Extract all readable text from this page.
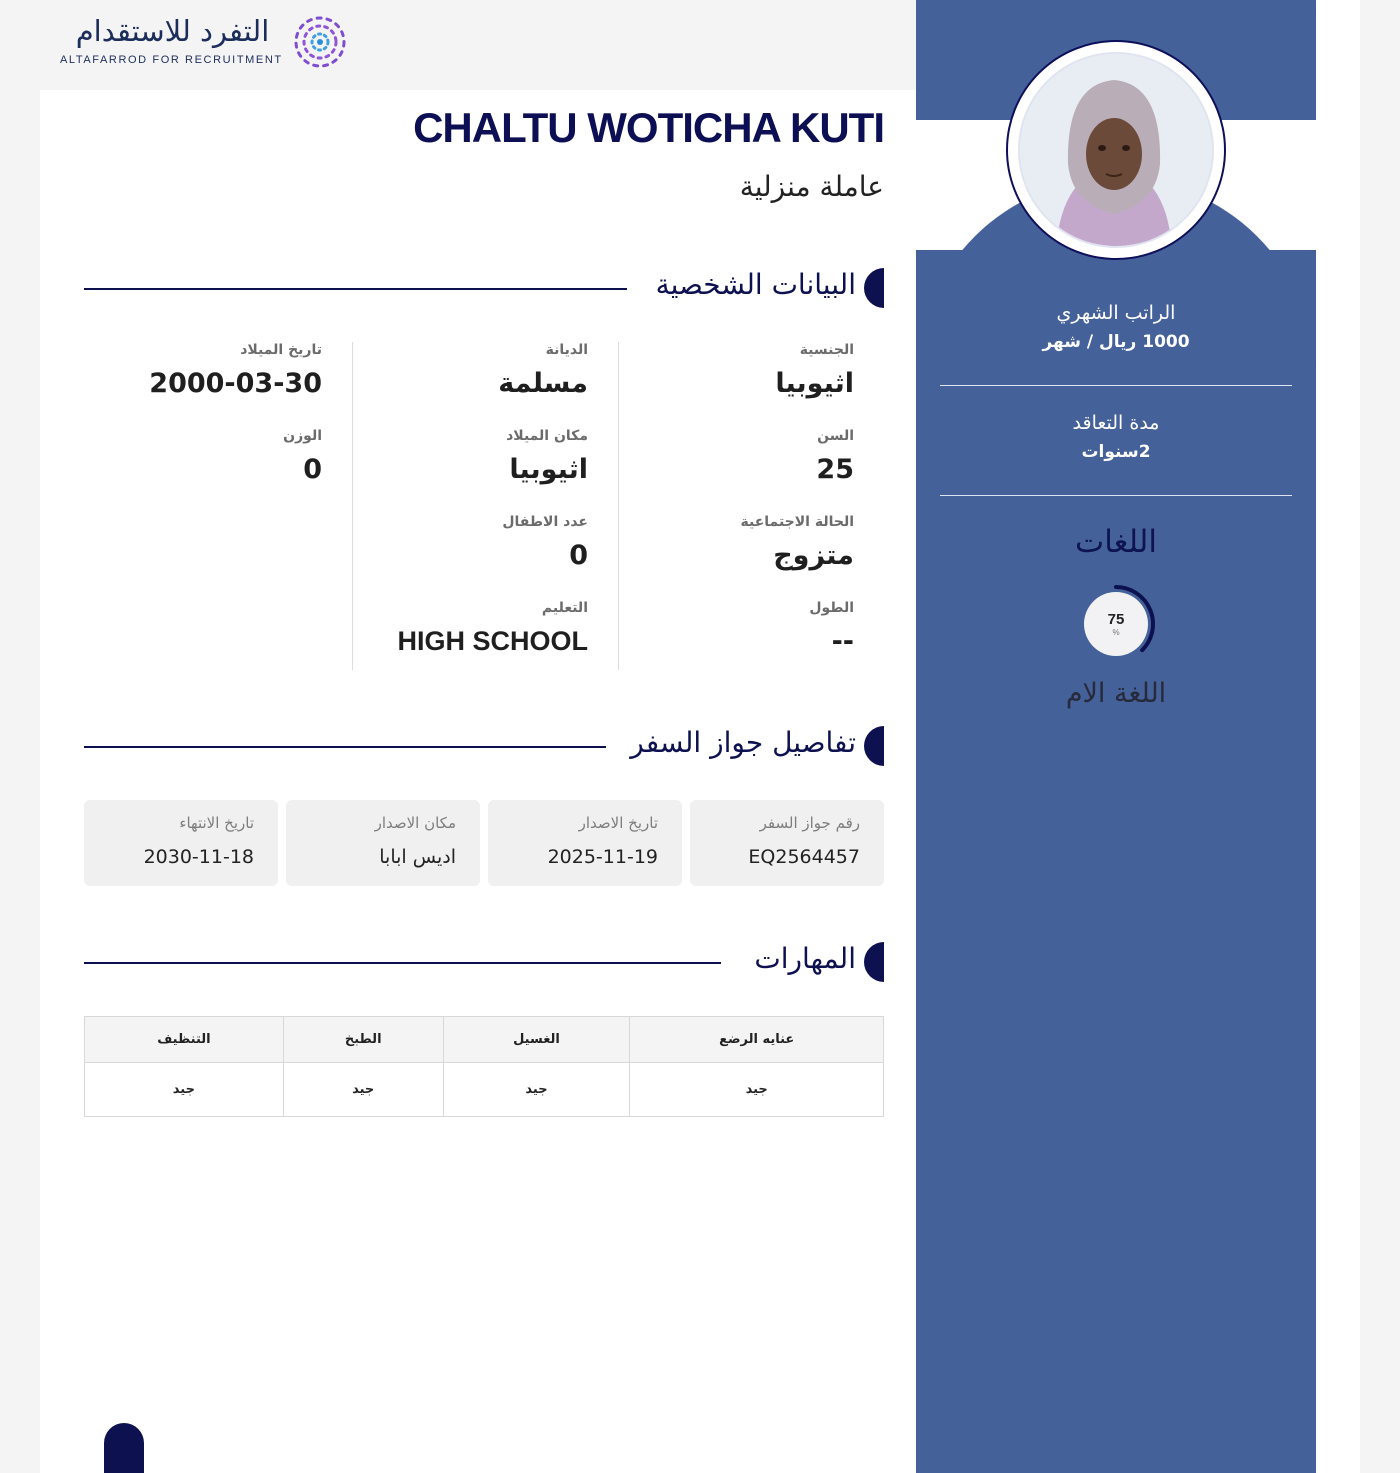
التفرد للاستقدام
ALTAFARROD FOR RECRUITMENT
CHALTU WOTICHA KUTI
عاملة منزلية
البيانات الشخصية
الجنسية
اثيوبيا
السن
25
الحالة الاجتماعية
متزوج
الطول
--
الديانة
مسلمة
مكان الميلاد
اثيوبيا
عدد الاطفال
0
التعليم
HIGH SCHOOL
تاريخ الميلاد
2000-03-30
الوزن
0
تفاصيل جواز السفر
رقم جواز السفر
EQ2564457
تاريخ الاصدار
2025-11-19
مكان الاصدار
اديس ابابا
تاريخ الانتهاء
2030-11-18
المهارات
عنايه الرضع	الغسيل	الطبخ	التنظيف
جيد	جيد	جيد	جيد
الراتب الشهري
1000 ريال / شهر
مدة التعاقد
2سنوات
اللغات
75
%
اللغة الام
